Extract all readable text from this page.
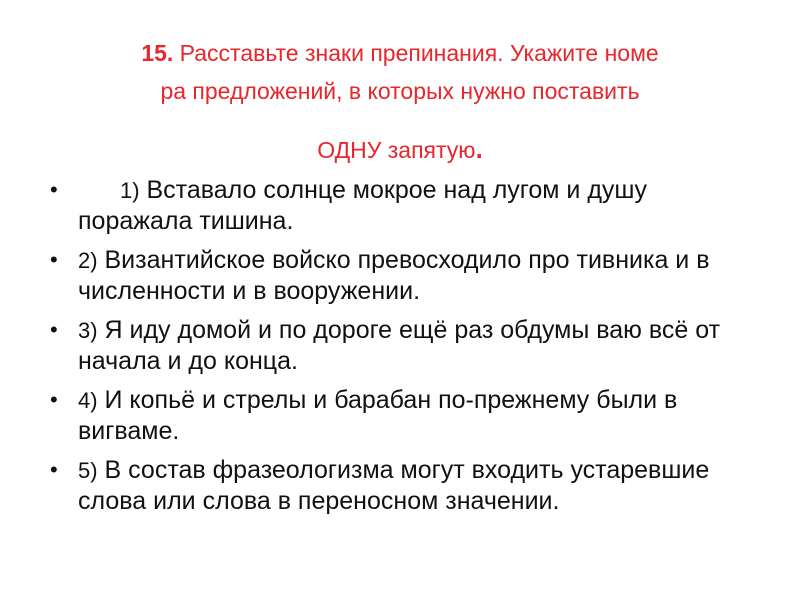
15. Расставьте знаки препинания. Укажите номе
ра предложений, в которых нужно поставить
ОДНУ запятую.
•	1) Вставало солнце мокрое над лугом и душу поражала тишина.
• 2) Византийское войско превосходило про тивника и в численности и в вооружении.
• 3) Я иду домой и по дороге ещё раз обдумы ваю всё от начала и до конца.
• 4) И копьё и стрелы и барабан по-прежнему были в вигваме.
• 5) В состав фразеологизма могут входить устаревшие слова или слова в переносном значении.
